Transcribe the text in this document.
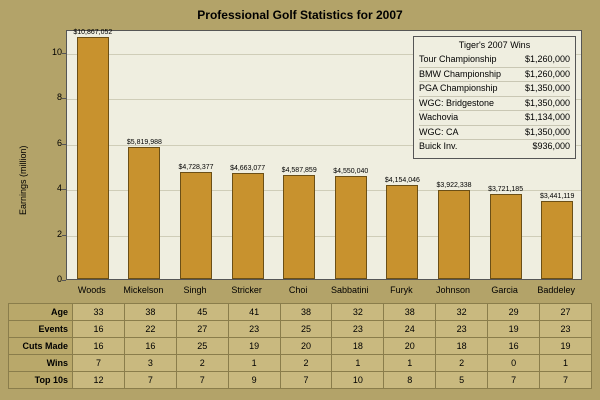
Professional Golf Statistics for 2007
$10,867,052
$5,819,988
$4,728,377 $4,663,077 $4,587,859 $4,550,040
$4,154,046
$3,922,338
$3,721,185
$3,441,119
0
2
4
6
8
10
Earnings (million)
Woods	Mickelson	Singh	Stricker	Choi	Sabbatini	Furyk	Johnson	Garcia	Baddeley
Tiger's 2007 Wins
Tour Championship	$1,260,000
BMW Championship	$1,260,000
PGA Championship	$1,350,000
WGC: Bridgestone	$1,350,000
Wachovia	$1,134,000
WGC: CA	$1,350,000
Buick Inv.	$936,000
Age	33	38	45	41	38	32	38	32	29	27
Events	16	22	27	23	25	23	24	23	19	23
Cuts Made	16	16	25	19	20	18	20	18	16	19
Wins	7	3	2	1	2	1	1	2	0	1
Top 10s	12	7	7	9	7	10	8	5	7	7
